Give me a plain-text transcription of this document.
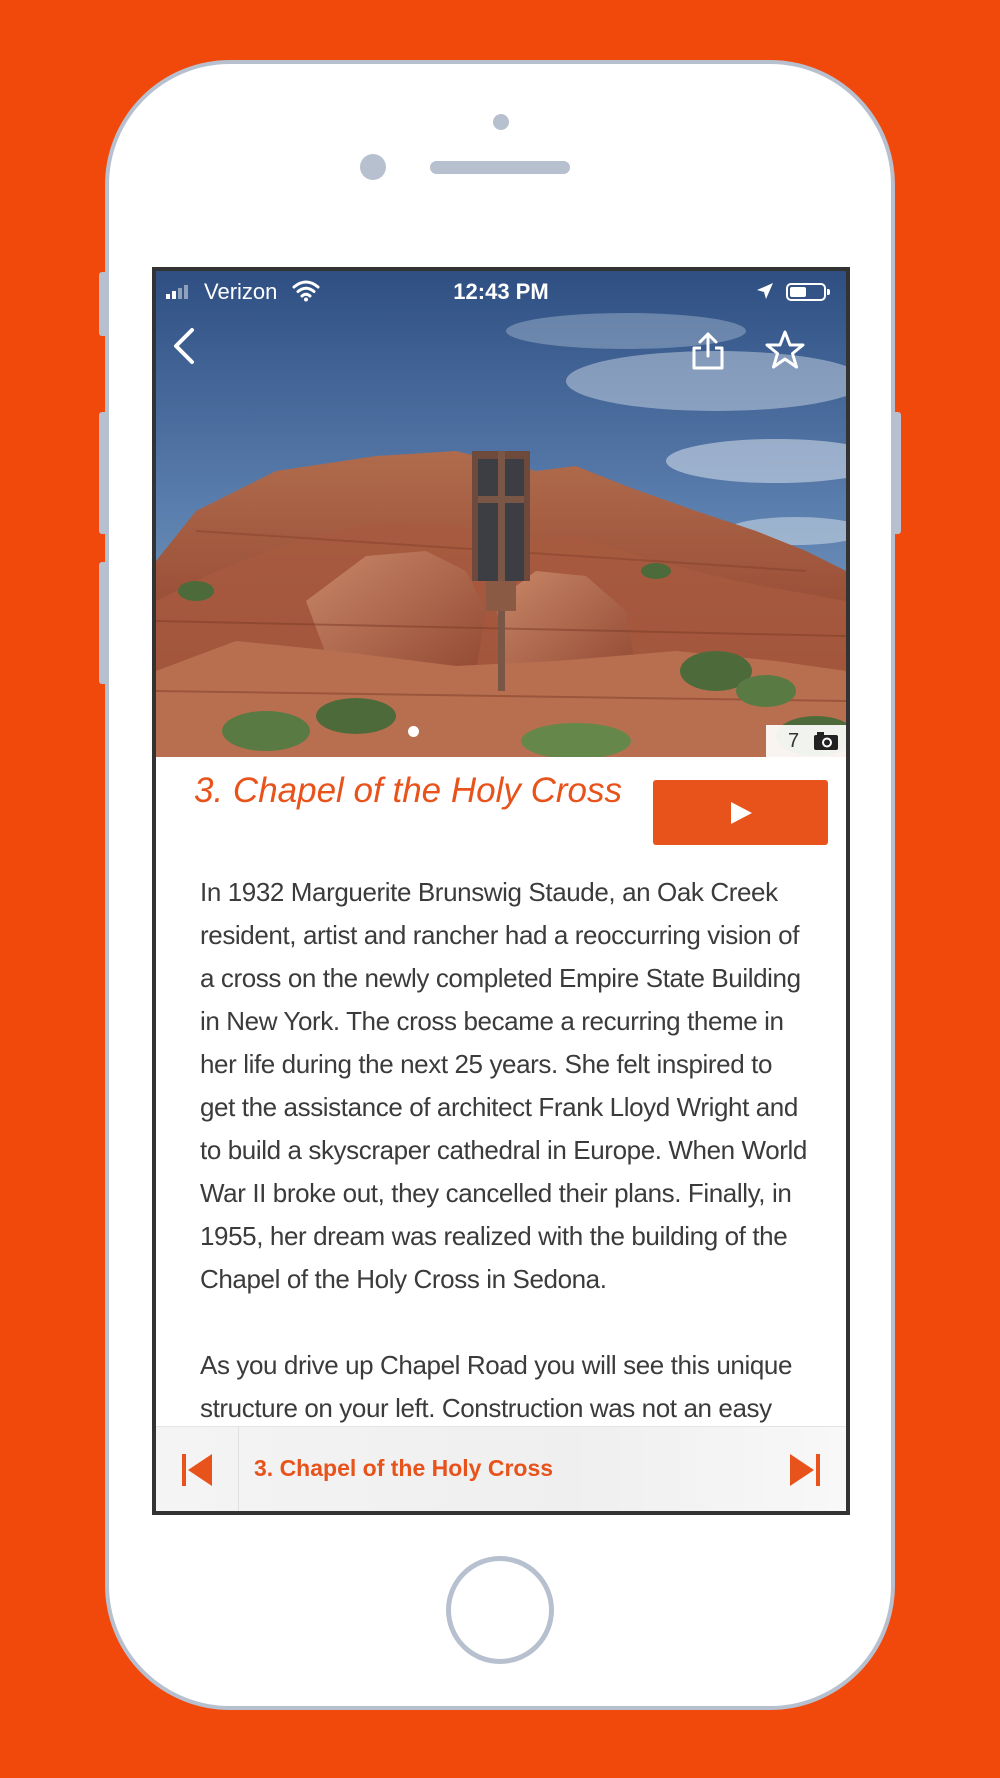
Verizon	12:43 PM
7
3. Chapel of the Holy Cross

In 1932 Marguerite Brunswig Staude, an Oak Creek resident, artist and rancher had a reoccurring vision of a cross on the newly completed Empire State Building in New York. The cross became a recurring theme in her life during the next 25 years. She felt inspired to get the assistance of architect Frank Lloyd Wright and to build a skyscraper cathedral in Europe. When World War II broke out, they cancelled their plans. Finally, in 1955, her dream was realized with the building of the Chapel of the Holy Cross in Sedona.

As you drive up Chapel Road you will see this unique structure on your left. Construction was not an easy

3. Chapel of the Holy Cross
